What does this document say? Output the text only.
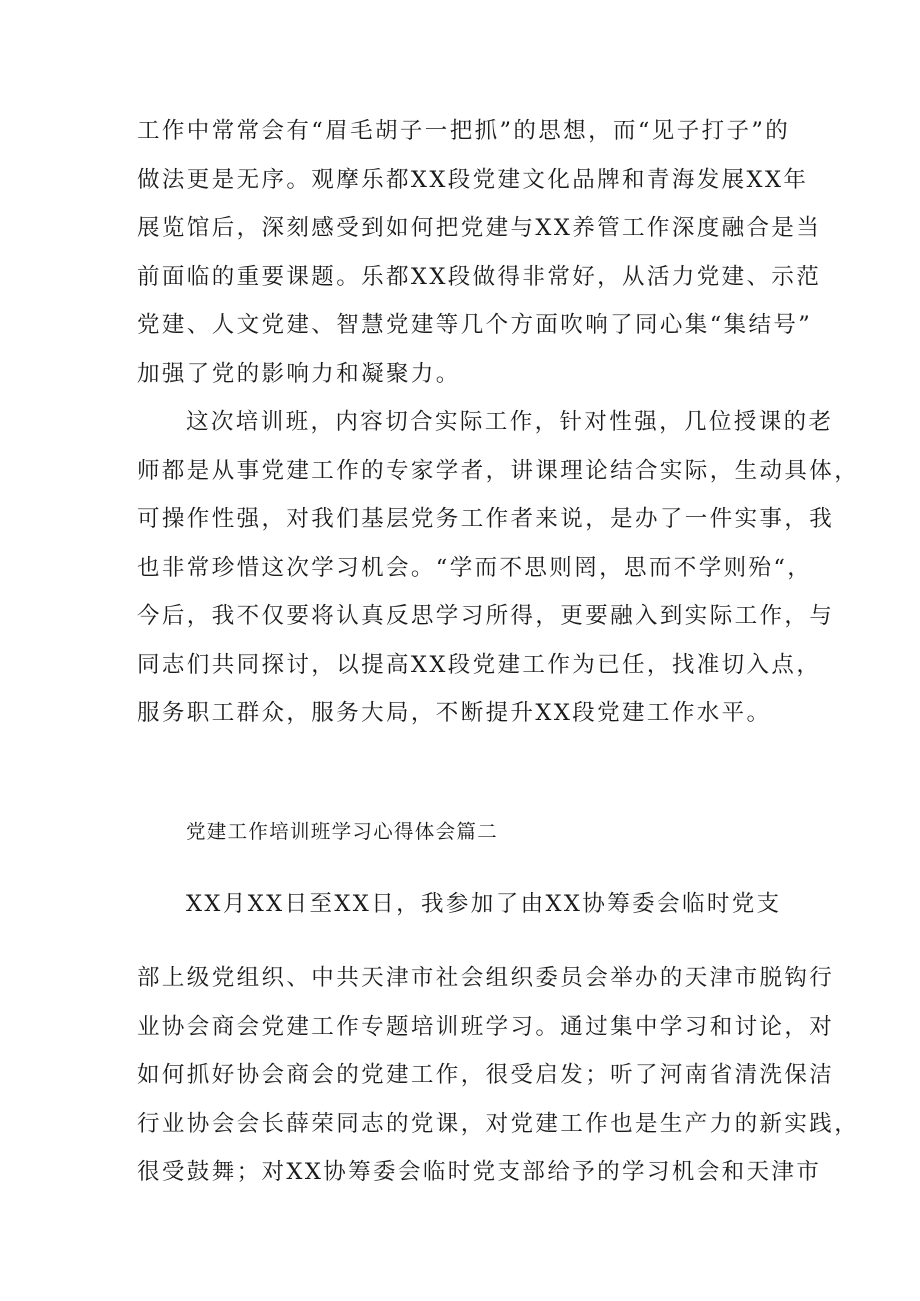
工作中常常会有“眉毛胡子一把抓”的思想，而“见子打子”的
做法更是无序。观摩乐都XX段党建文化品牌和青海发展XX年
展览馆后，深刻感受到如何把党建与XX养管工作深度融合是当
前面临的重要课题。乐都XX段做得非常好，从活力党建、示范
党建、人文党建、智慧党建等几个方面吹响了同心集“集结号”
加强了党的影响力和凝聚力。
这次培训班，内容切合实际工作，针对性强，几位授课的老
师都是从事党建工作的专家学者，讲课理论结合实际，生动具体，
可操作性强，对我们基层党务工作者来说，是办了一件实事，我
也非常珍惜这次学习机会。“学而不思则罔，思而不学则殆“，
今后，我不仅要将认真反思学习所得，更要融入到实际工作，与
同志们共同探讨，以提高XX段党建工作为已任，找准切入点，
服务职工群众，服务大局，不断提升XX段党建工作水平。
党建工作培训班学习心得体会篇二
XX月XX日至XX日，我参加了由XX协筹委会临时党支
部上级党组织、中共天津市社会组织委员会举办的天津市脱钩行
业协会商会党建工作专题培训班学习。通过集中学习和讨论，对
如何抓好协会商会的党建工作，很受启发；听了河南省清洗保洁
行业协会会长薛荣同志的党课，对党建工作也是生产力的新实践，
很受鼓舞；对XX协筹委会临时党支部给予的学习机会和天津市
